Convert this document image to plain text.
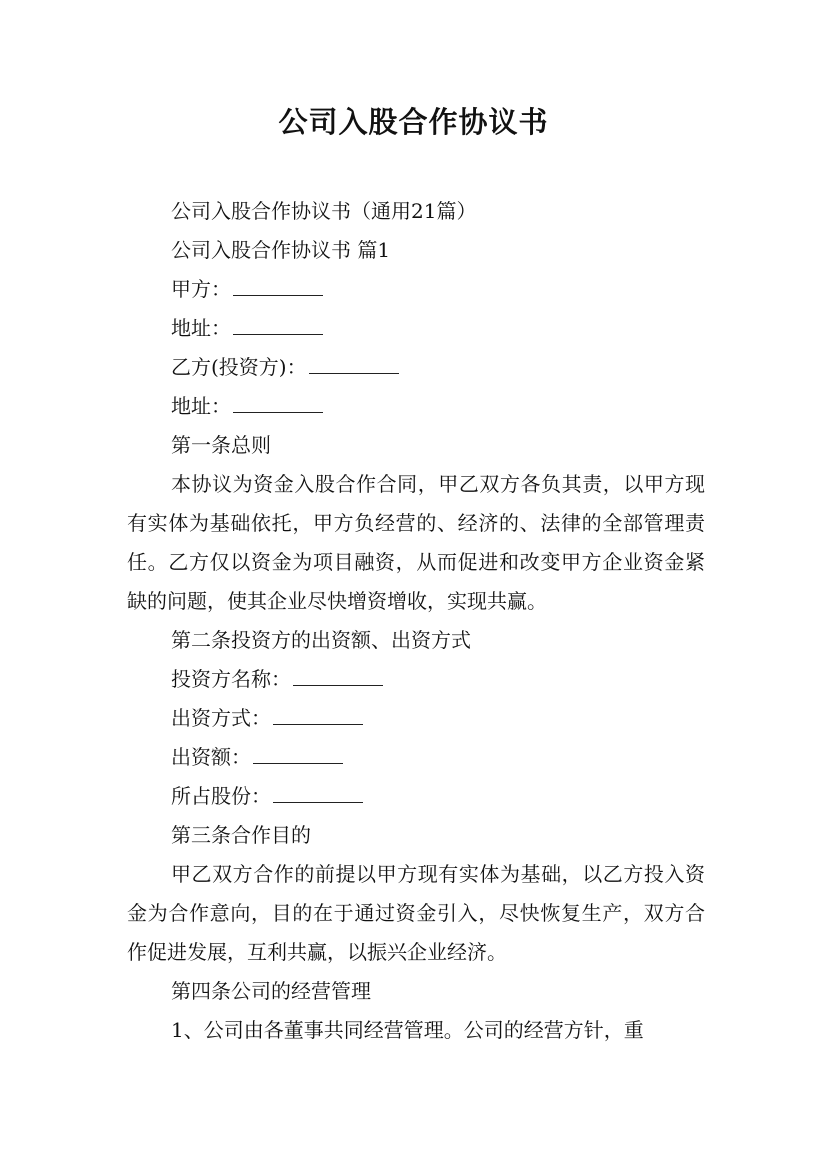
公司入股合作协议书
公司入股合作协议书（通用21篇）
公司入股合作协议书 篇1
甲方：
地址：
乙方(投资方)：
地址：
第一条总则
本协议为资金入股合作合同，甲乙双方各负其责，以甲方现有实体为基础依托，甲方负经营的、经济的、法律的全部管理责任。乙方仅以资金为项目融资，从而促进和改变甲方企业资金紧缺的问题，使其企业尽快增资增收，实现共赢。
第二条投资方的出资额、出资方式
投资方名称：
出资方式：
出资额：
所占股份：
第三条合作目的
甲乙双方合作的前提以甲方现有实体为基础，以乙方投入资金为合作意向，目的在于通过资金引入，尽快恢复生产，双方合作促进发展，互利共赢，以振兴企业经济。
第四条公司的经营管理
1、公司由各董事共同经营管理。公司的经营方针，重
